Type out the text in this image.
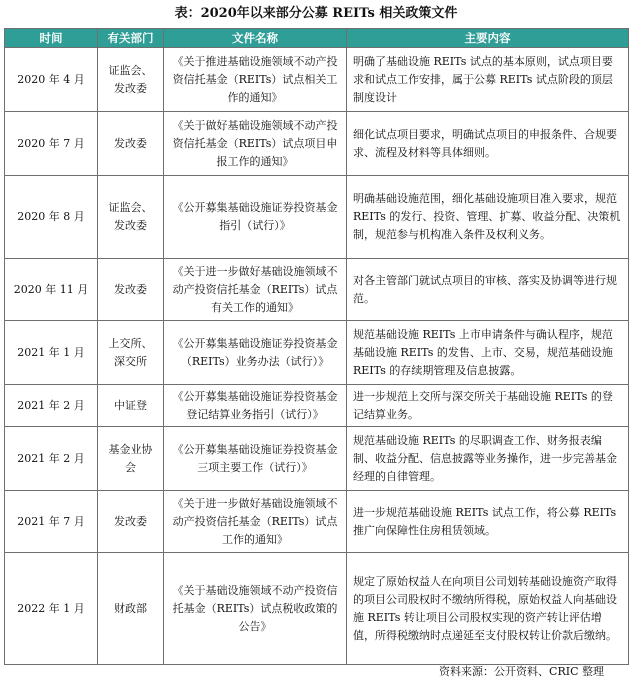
表：2020年以来部分公募 REITs 相关政策文件
时间	有关部门	文件名称	主要内容
2020 年 4 月	证监会、发改委	《关于推进基础设施领域不动产投资信托基金（REITs）试点相关工作的通知》	明确了基础设施 REITs 试点的基本原则，试点项目要求和试点工作安排，属于公募 REITs 试点阶段的顶层制度设计
2020 年 7 月	发改委	《关于做好基础设施领域不动产投资信托基金（REITs）试点项目申报工作的通知》	细化试点项目要求，明确试点项目的申报条件、合规要求、流程及材料等具体细则。
2020 年 8 月	证监会、发改委	《公开募集基础设施证券投资基金指引（试行）》	明确基础设施范围，细化基础设施项目准入要求，规范 REITs 的发行、投资、管理、扩募、收益分配、决策机制，规范参与机构准入条件及权利义务。
2020 年 11 月	发改委	《关于进一步做好基础设施领域不动产投资信托基金（REITs）试点有关工作的通知》	对各主管部门就试点项目的审核、落实及协调等进行规范。
2021 年 1 月	上交所、深交所	《公开募集基础设施证券投资基金（REITs）业务办法（试行）》	规范基础设施 REITs 上市申请条件与确认程序，规范基础设施 REITs 的发售、上市、交易，规范基础设施 REITs 的存续期管理及信息披露。
2021 年 2 月	中证登	《公开募集基础设施证券投资基金登记结算业务指引（试行）》	进一步规范上交所与深交所关于基础设施 REITs 的登记结算业务。
2021 年 2 月	基金业协会	《公开募集基础设施证券投资基金三项主要工作（试行）》	规范基础设施 REITs 的尽职调查工作、财务报表编制、收益分配、信息披露等业务操作，进一步完善基金经理的自律管理。
2021 年 7 月	发改委	《关于进一步做好基础设施领域不动产投资信托基金（REITs）试点工作的通知》	进一步规范基础设施 REITs 试点工作，将公募 REITs 推广向保障性住房租赁领域。
2022 年 1 月	财政部	《关于基础设施领域不动产投资信托基金（REITs）试点税收政策的公告》	规定了原始权益人在向项目公司划转基础设施资产取得的项目公司股权时不缴纳所得税，原始权益人向基础设施 REITs 转让项目公司股权实现的资产转让评估增值，所得税缴纳时点递延至支付股权转让价款后缴纳。
资料来源：公开资料、CRIC 整理
